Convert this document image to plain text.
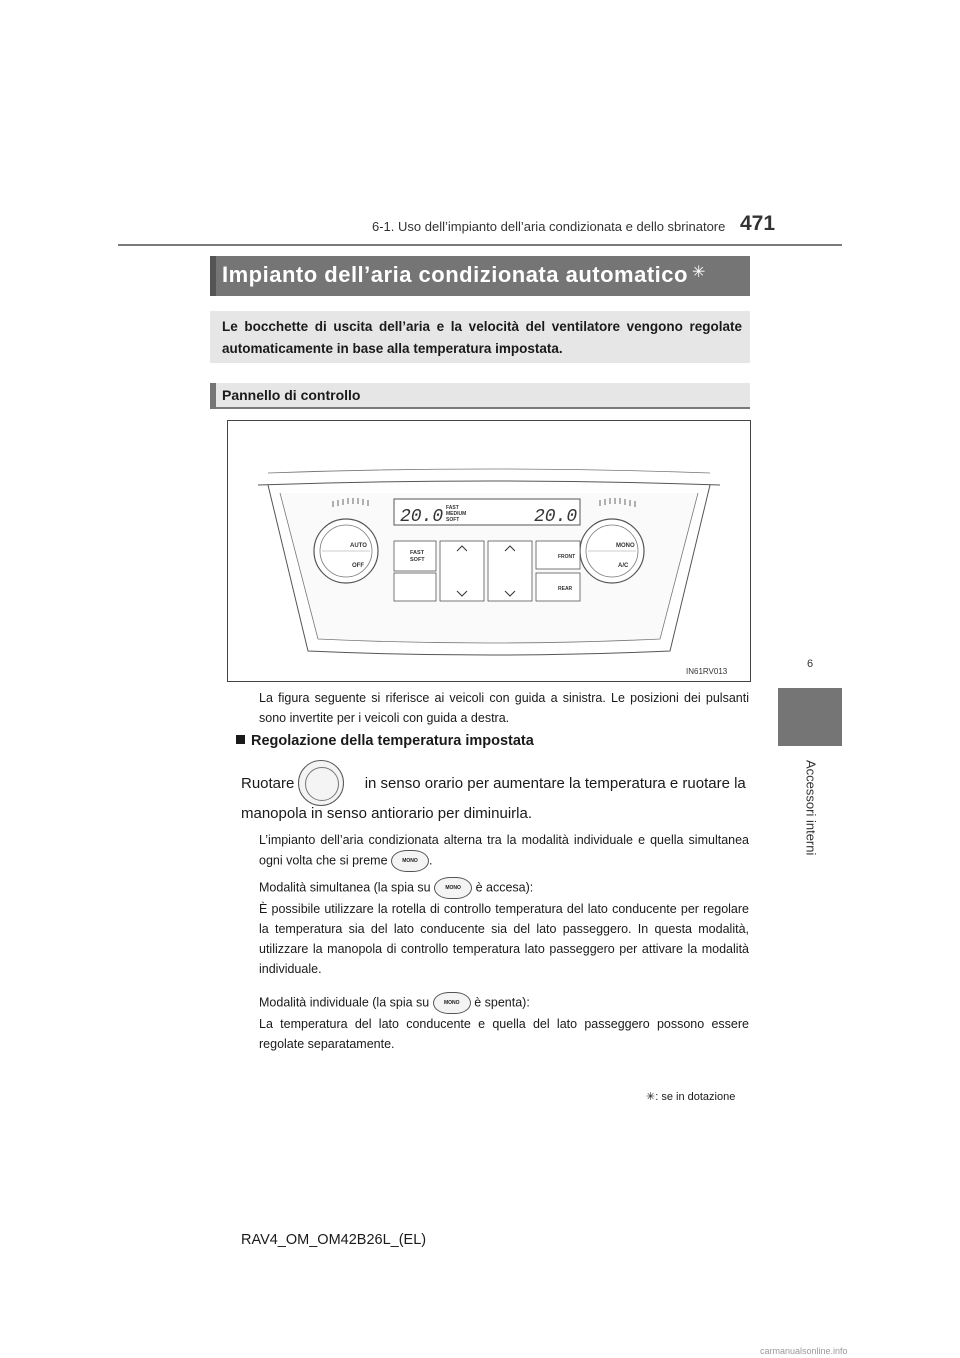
6-1. Uso dell’impianto dell’aria condizionata e dello sbrinatore 471
6
Accessori interni
Impianto dell’aria condizionata automatico ✳
Le bocchette di uscita dell’aria e la velocità del ventilatore vengono regolate automaticamente in base alla temperatura impostata.
Pannello di controllo
20.0 FAST
MEDIUM
SOFT	20.0
AUTO
OFF
MONO
A/C
FAST
SOFT	FRONT
REAR
IN61RV013
La figura seguente si riferisce ai veicoli con guida a sinistra. Le posizioni dei pulsanti sono invertite per i veicoli con guida a destra.
Regolazione della temperatura impostata
Ruotare	in senso orario per aumentare la temperatura e ruotare la
manopola in senso antiorario per diminuirla.
L’impianto dell’aria condizionata alterna tra la modalità individuale e quella simultanea ogni volta che si preme	MONO .
Modalità simultanea (la spia su	MONO è accesa):
È possibile utilizzare la rotella di controllo temperatura del lato conducente per regolare la temperatura sia del lato conducente sia del lato passeggero. In questa modalità, utilizzare la manopola di controllo temperatura lato passeggero per attivare la modalità individuale.
Modalità individuale (la spia su	MONO è spenta):
La temperatura del lato conducente e quella del lato passeggero possono essere regolate separatamente.
✳: se in dotazione
RAV4_OM_OM42B26L_(EL)
carmanualsonline.info
